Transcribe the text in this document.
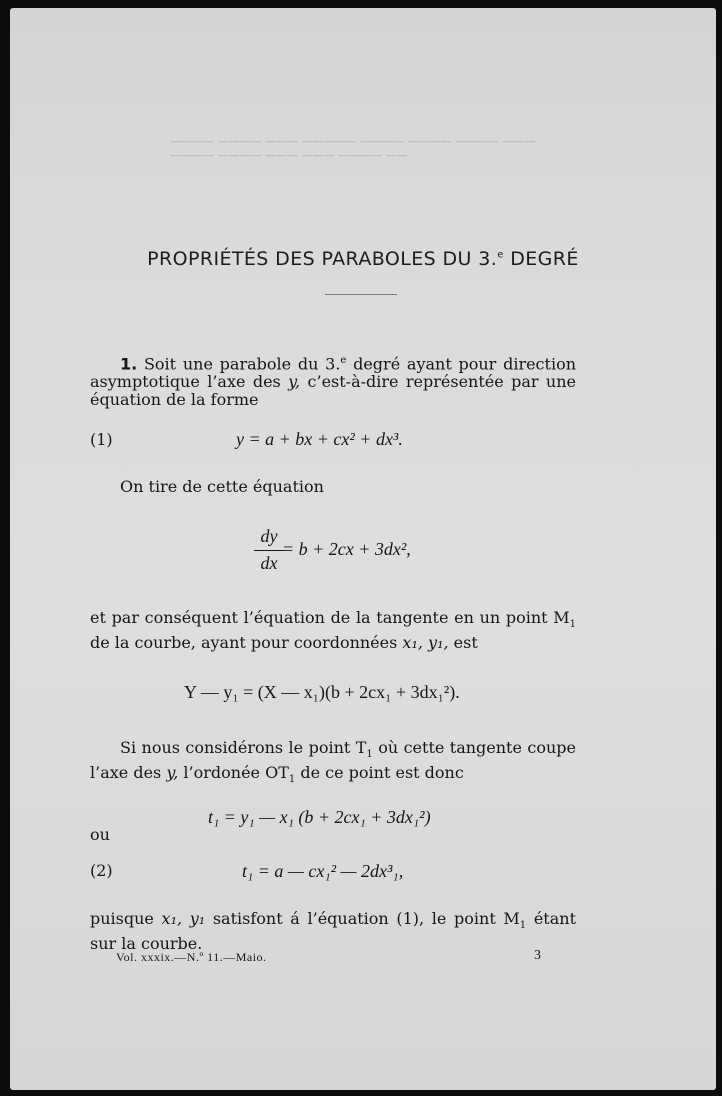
———— ———— ——— ————— ———— ———— ———— ———
———— ———— ——— ——— ———— ——
PROPRIÉTÉS DES PARABOLES DU 3.$^e$ DEGRÉ
1. Soit une parabole du 3.$^e$ degré ayant pour direction asymptotique l’axe des y, c’est-à-dire représentée par une équation de la forme
(1)	y = a + bx + cx² + dx³.
On tire de cette équation
dy
dx
= b + 2cx + 3dx²,
et par conséquent l’équation de la tangente en un point $M_1$ de la courbe, ayant pour coordonnées x₁, y₁, est
Y — y₁ = (X — x₁)(b + 2cx₁ + 3dx₁²).
Si nous considérons le point $T_1$ où cette tangente coupe l’axe des y, l’ordonée $OT_1$ de ce point est donc
t₁ = y₁ — x₁ (b + 2cx₁ + 3dx₁²)
ou
(2)	t₁ = a — cx₁² — 2dx³₁,
puisque x₁, y₁ satisfont á l’équation (1), le point $M_1$ étant sur la courbe.
Vol. xxxix.—N.º 11.—Maio.	3
